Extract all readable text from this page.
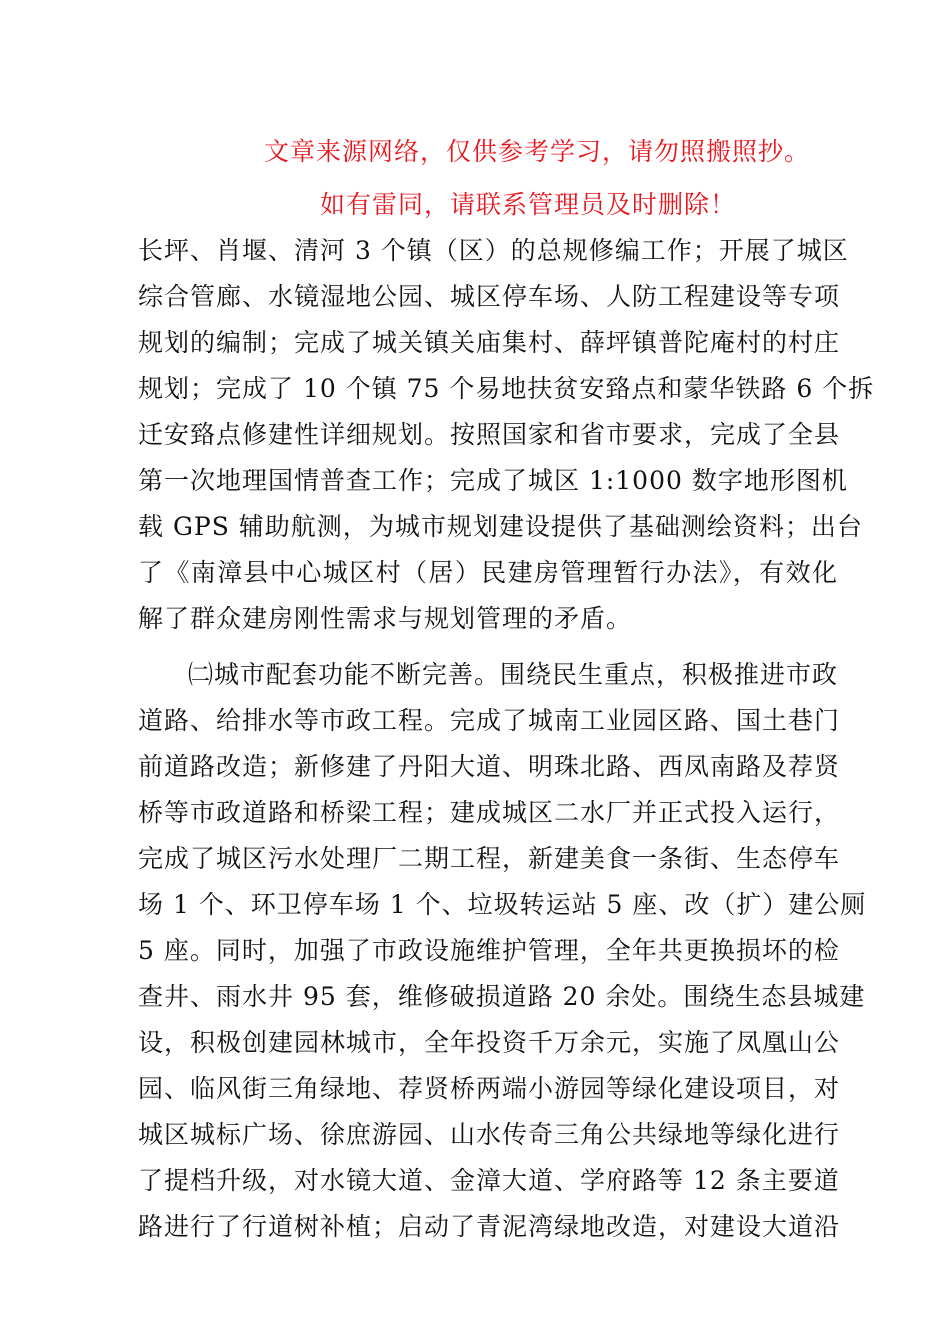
文章来源网络，仅供参考学习，请勿照搬照抄。
如有雷同，请联系管理员及时删除！
长坪、肖堰、清河 3 个镇（区）的总规修编工作；开展了城区
综合管廊、水镜湿地公园、城区停车场、人防工程建设等专项
规划的编制；完成了城关镇关庙集村、薛坪镇普陀庵村的村庄
规划；完成了 10 个镇 75 个易地扶贫安臵点和蒙华铁路 6 个拆
迁安臵点修建性详细规划。按照国家和省市要求，完成了全县
第一次地理国情普查工作；完成了城区 1:1000 数字地形图机
载 GPS 辅助航测，为城市规划建设提供了基础测绘资料；出台
了《南漳县中心城区村（居）民建房管理暂行办法》，有效化
解了群众建房刚性需求与规划管理的矛盾。
㈡城市配套功能不断完善。围绕民生重点，积极推进市政
道路、给排水等市政工程。完成了城南工业园区路、国土巷门
前道路改造；新修建了丹阳大道、明珠北路、西凤南路及荐贤
桥等市政道路和桥梁工程；建成城区二水厂并正式投入运行，
完成了城区污水处理厂二期工程，新建美食一条街、生态停车
场 1 个、环卫停车场 1 个、垃圾转运站 5 座、改（扩）建公厕
5 座。同时，加强了市政设施维护管理，全年共更换损坏的检
查井、雨水井 95 套，维修破损道路 20 余处。围绕生态县城建
设，积极创建园林城市，全年投资千万余元，实施了凤凰山公
园、临风街三角绿地、荐贤桥两端小游园等绿化建设项目，对
城区城标广场、徐庶游园、山水传奇三角公共绿地等绿化进行
了提档升级，对水镜大道、金漳大道、学府路等 12 条主要道
路进行了行道树补植；启动了青泥湾绿地改造，对建设大道沿
